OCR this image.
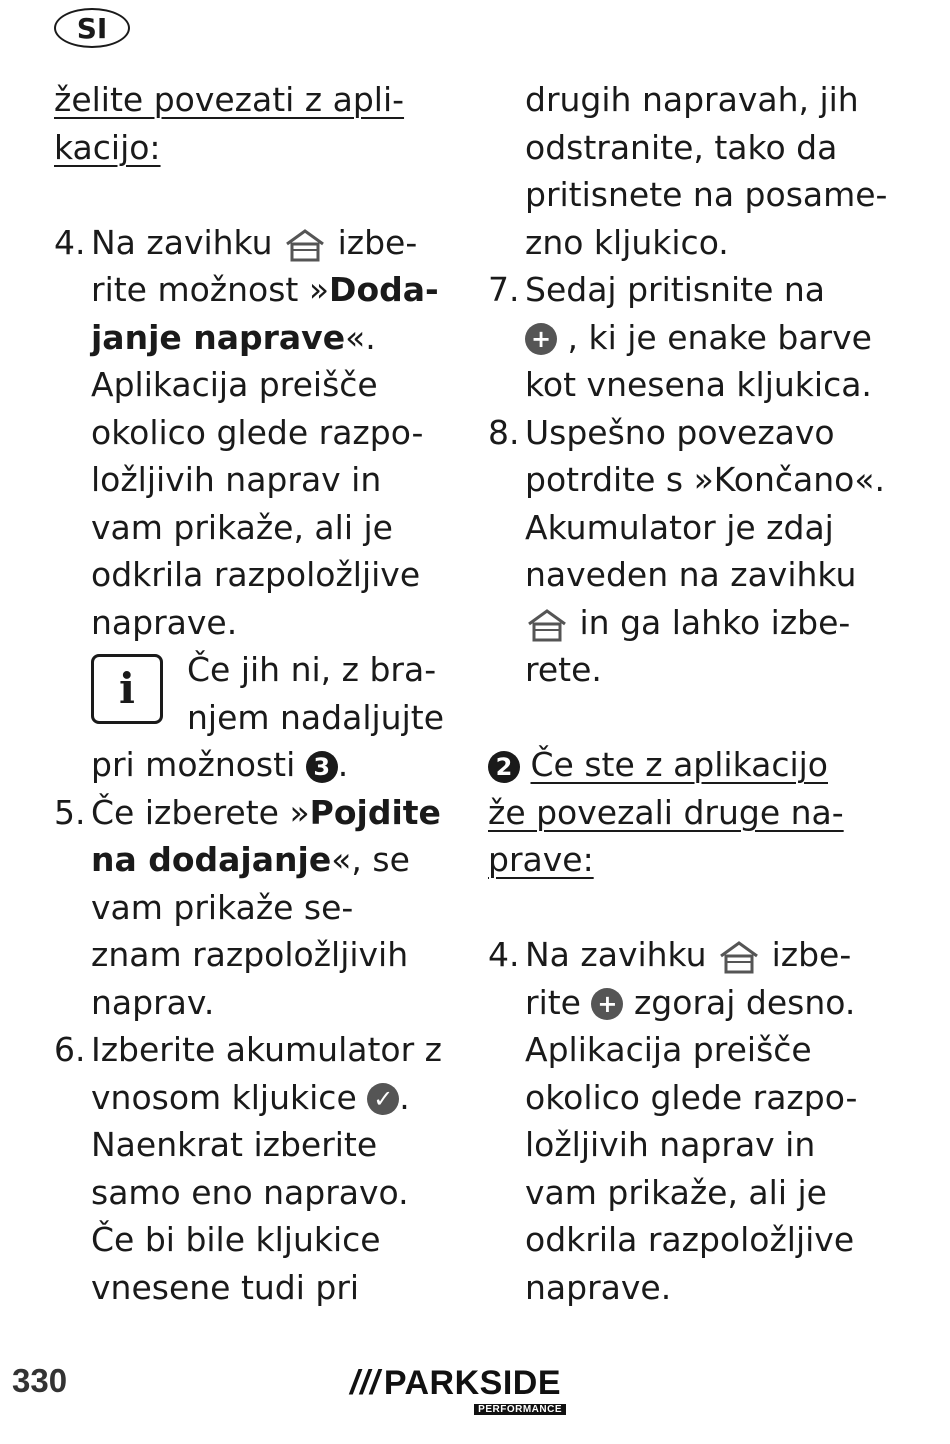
SI
želite povezati z apli-
kacijo:
4. Na zavihku izbe-
rite možnost »Doda-
janje naprave«.
Aplikacija preišče
okolico glede razpo-
ložljivih naprav in
vam prikaže, ali je
odkrila razpoložljive
naprave.
i	Če jih ni, z bra-
njem nadaljujte
pri možnosti 3 .
5. Če izberete »Pojdite
na dodajanje«, se
vam prikaže se-
znam razpoložljivih
naprav.
6. Izberite akumulator z
vnosom kljukice ✓ .
Naenkrat izberite
samo eno napravo.
Če bi bile kljukice
vnesene tudi pri
drugih napravah, jih
odstranite, tako da
pritisnete na posame-
zno kljukico.
7. Sedaj pritisnite na
+ , ki je enake barve
kot vnesena kljukica.
8. Uspešno povezavo
potrdite s »Končano«.
Akumulator je zdaj
naveden na zavihku
in ga lahko izbe-
rete.
2 Če ste z aplikacijo
že povezali druge na-
prave:
4. Na zavihku izbe-
rite + zgoraj desno.
Aplikacija preišče
okolico glede razpo-
ložljivih naprav in
vam prikaže, ali je
odkrila razpoložljive
naprave.
330	/// PARKSIDE
PERFORMANCE
